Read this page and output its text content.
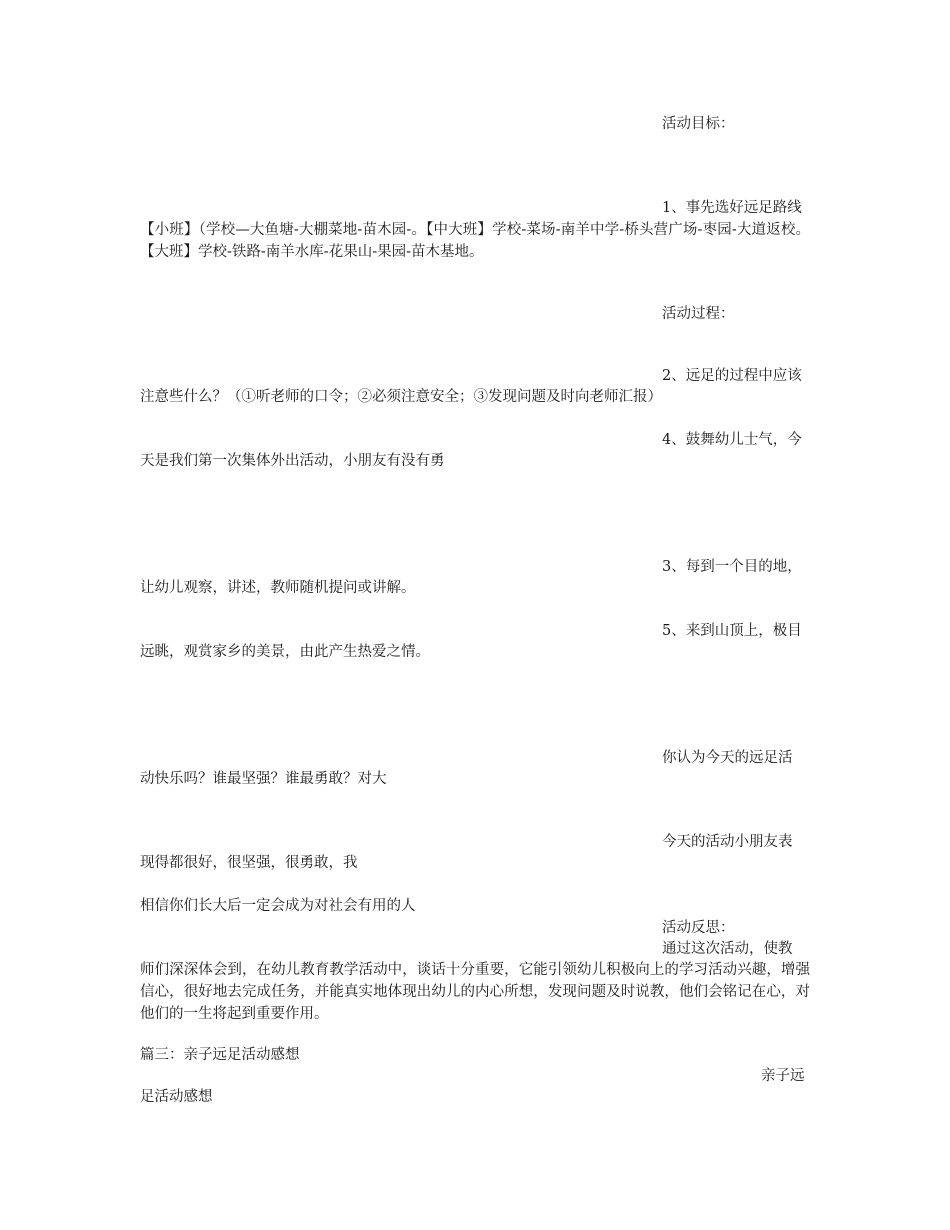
活动目标：
1、事先选好远足路线
【小班】（学校—大鱼塘-大棚菜地-苗木园-。【中大班】学校-菜场-南羊中学-桥头营广场-枣园-大道返校。【大班】学校-铁路-南羊水库-花果山-果园-苗木基地。
活动过程：
2、远足的过程中应该
注意些什么？（①听老师的口令；②必须注意安全；③发现问题及时向老师汇报）
4、鼓舞幼儿士气，今
天是我们第一次集体外出活动，小朋友有没有勇
3、每到一个目的地，
让幼儿观察，讲述，教师随机提问或讲解。
5、来到山顶上，极目
远眺，观赏家乡的美景，由此产生热爱之情。
你认为今天的远足活
动快乐吗？谁最坚强？谁最勇敢？对大
今天的活动小朋友表
现得都很好，很坚强，很勇敢，我
相信你们长大后一定会成为对社会有用的人
活动反思：
通过这次活动，使教
师们深深体会到，在幼儿教育教学活动中，谈话十分重要，它能引领幼儿积极向上的学习活动兴趣，增强信心，很好地去完成任务，并能真实地体现出幼儿的内心所想，发现问题及时说教，他们会铭记在心，对他们的一生将起到重要作用。
篇三：亲子远足活动感想
亲子远
足活动感想
